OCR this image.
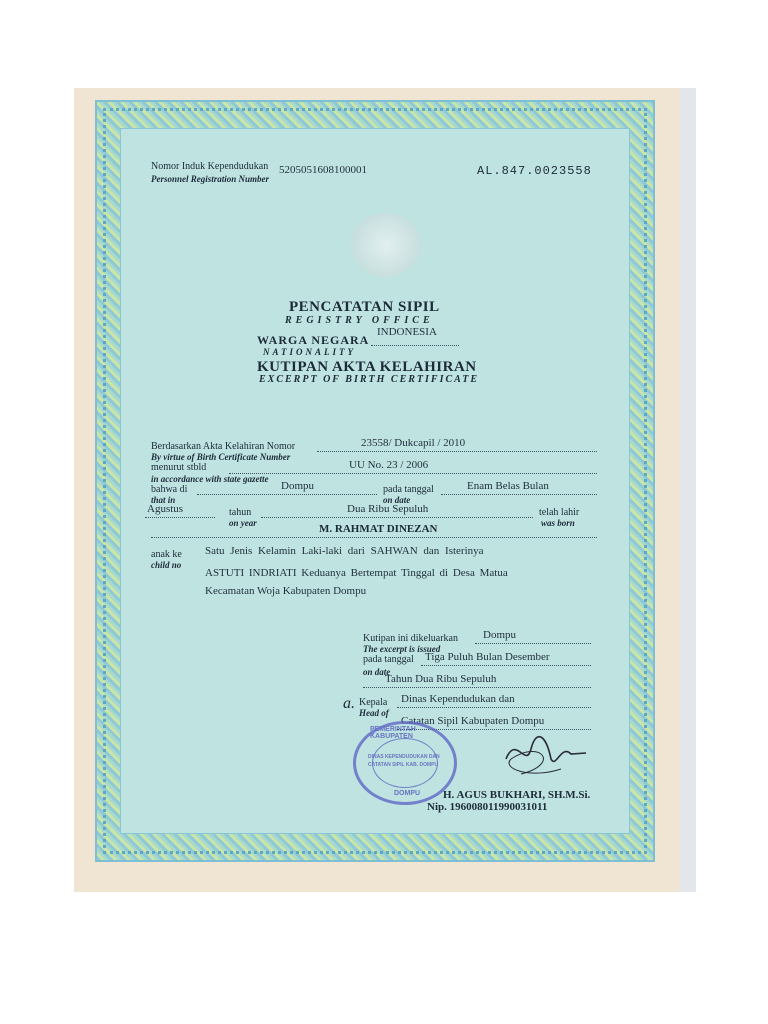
Nomor Induk Kependudukan
Personnel Registration Number
5205051608100001	AL.847.0023558
PENCATATAN SIPIL
REGISTRY OFFICE
WARGA NEGARA
INDONESIA
NATIONALITY
KUTIPAN AKTA KELAHIRAN
EXCERPT OF BIRTH CERTIFICATE
Berdasarkan Akta Kelahiran Nomor
By virtue of Birth Certificate Number
23558/ Dukcapil / 2010
menurut stbld
in accordance with state gazette
UU No. 23 / 2006
bahwa di
that in
Dompu	pada tanggal
on date
Enam Belas Bulan
Agustus	tahun
on year
Dua Ribu Sepuluh	telah lahir
was born
M. RAHMAT DINEZAN
anak ke
child no
Satu Jenis Kelamin Laki-laki dari SAHWAN dan Isterinya
ASTUTI INDRIATI Keduanya Bertempat Tinggal di Desa Matua
Kecamatan Woja Kabupaten Dompu
Kutipan ini dikeluarkan
The excerpt is issued
Dompu
pada tanggal
on date
Tiga Puluh Bulan Desember
Tahun Dua Ribu Sepuluh
a. Kepala
Head of
Dinas Kependudukan dan
Catatan Sipil Kabupaten Dompu
PEMERINTAH KABUPATEN
DINAS KEPENDUDUKAN DAN
CATATAN SIPIL KAB. DOMPU
DOMPU H. AGUS BUKHARI, SH.M.Si.
Nip. 196008011990031011
